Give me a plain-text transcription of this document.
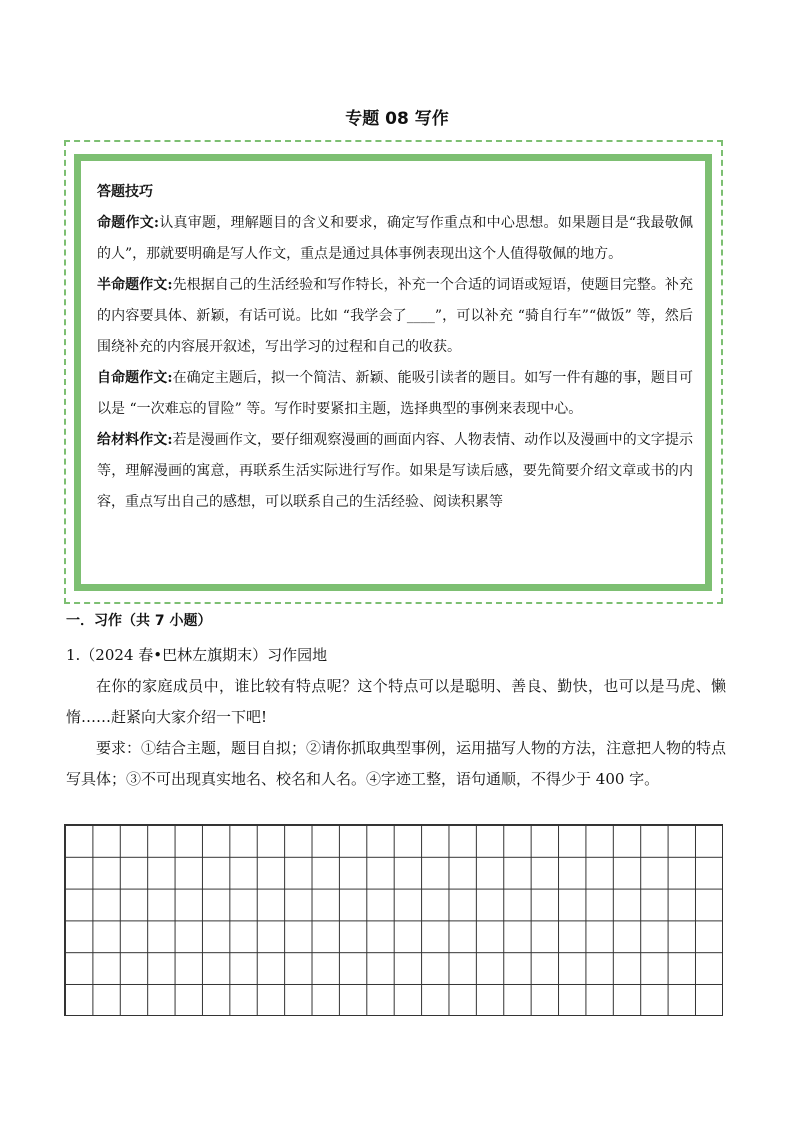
专题 08 写作

答题技巧

命题作文:认真审题，理解题目的含义和要求，确定写作重点和中心思想。如果题目是“我最敬佩的人”，那就要明确是写人作文，重点是通过具体事例表现出这个人值得敬佩的地方。

半命题作文:先根据自己的生活经验和写作特长，补充一个合适的词语或短语，使题目完整。补充的内容要具体、新颖，有话可说。比如 “我学会了____”，可以补充 “骑自行车”“做饭” 等，然后围绕补充的内容展开叙述，写出学习的过程和自己的收获。

自命题作文:在确定主题后，拟一个简洁、新颖、能吸引读者的题目。如写一件有趣的事，题目可以是 “一次难忘的冒险” 等。写作时要紧扣主题，选择典型的事例来表现中心。

给材料作文:若是漫画作文，要仔细观察漫画的画面内容、人物表情、动作以及漫画中的文字提示等，理解漫画的寓意，再联系生活实际进行写作。如果是写读后感，要先简要介绍文章或书的内容，重点写出自己的感想，可以联系自己的生活经验、阅读积累等

一．习作（共 7 小题）

1.（2024 春•巴林左旗期末）习作园地

在你的家庭成员中，谁比较有特点呢？这个特点可以是聪明、善良、勤快，也可以是马虎、懒惰……赶紧向大家介绍一下吧!

要求：①结合主题，题目自拟；②请你抓取典型事例，运用描写人物的方法，注意把人物的特点写具体；③不可出现真实地名、校名和人名。④字迹工整，语句通顺，不得少于 400 字。
